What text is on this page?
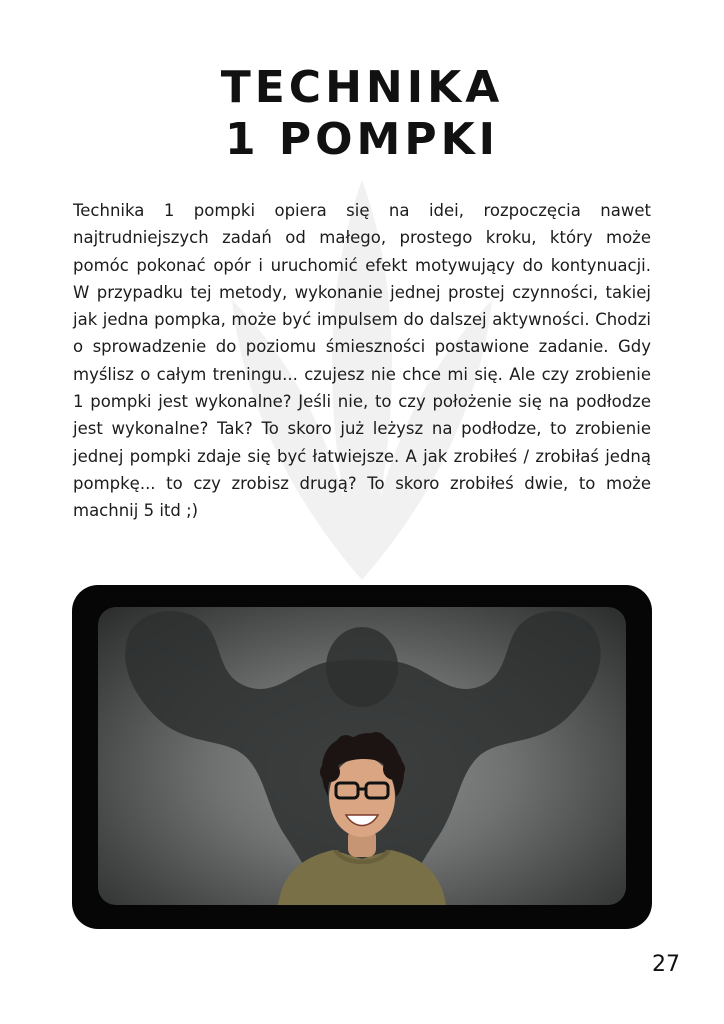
TECHNIKA
1 POMPKI

Technika 1 pompki opiera się na idei, rozpoczęcia nawet najtrudniejszych zadań od małego, prostego kroku, który może pomóc pokonać opór i uruchomić efekt motywujący do kontynuacji. W przypadku tej metody, wykonanie jednej prostej czynności, takiej jak jedna pompka, może być impulsem do dalszej aktywności. Chodzi o sprowadzenie do poziomu śmieszności postawione zadanie. Gdy myślisz o całym treningu... czujesz nie chce mi się. Ale czy zrobienie 1 pompki jest wykonalne? Jeśli nie, to czy położenie się na podłodze jest wykonalne? Tak? To skoro już leżysz na podłodze, to zrobienie jednej pompki zdaje się być łatwiejsze. A jak zrobiłeś / zrobiłaś jedną pompkę... to czy zrobisz drugą? To skoro zrobiłeś dwie, to może machnij 5 itd ;)

27
